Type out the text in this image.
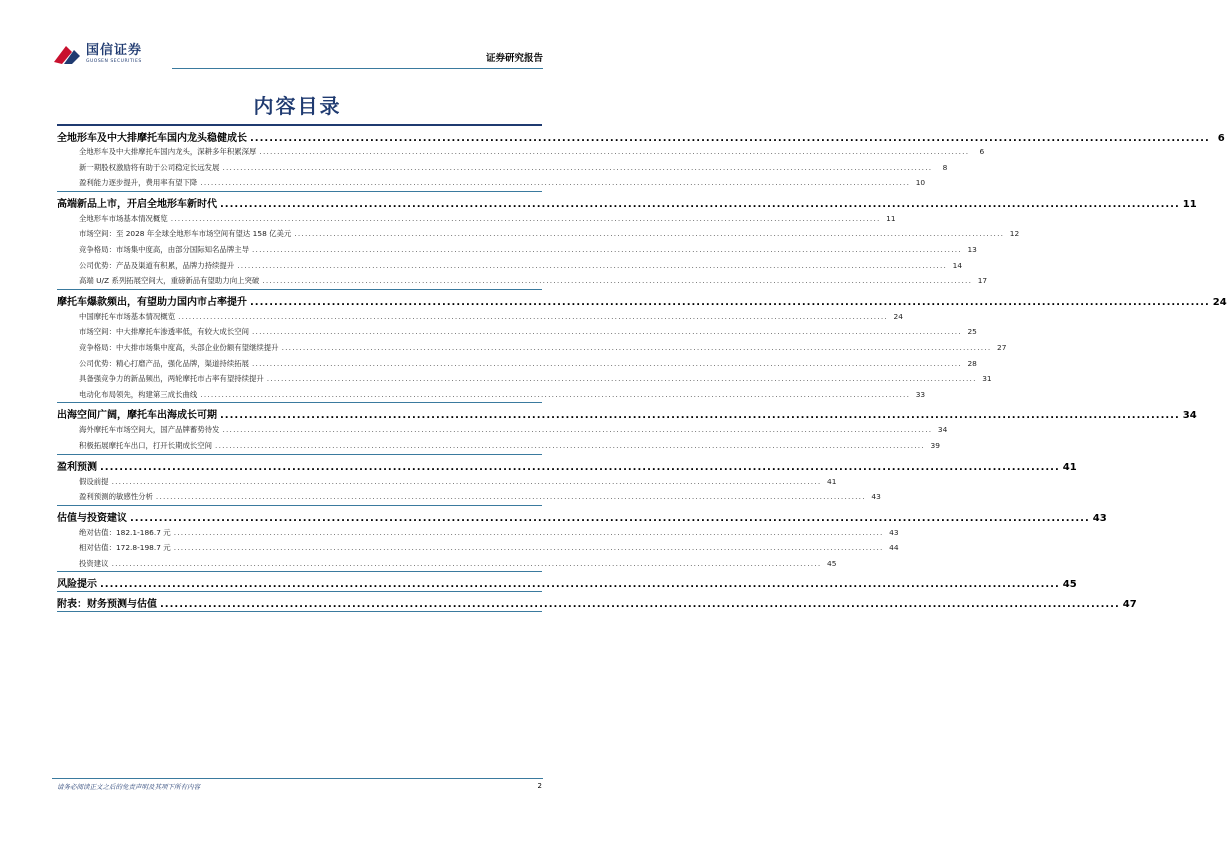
国信证券
GUOSEN SECURITIES	证券研究报告
内容目录
全地形车及中大排摩托车国内龙头稳健成长 ........................................................................................................................................................................................................ 6
全地形车及中大排摩托车国内龙头，深耕多年积累深厚 ........................................................................................................................................................................................................	6
新一期股权激励将有助于公司稳定长远发展 ........................................................................................................................................................................................................	8
盈利能力逐步提升，费用率有望下降 ........................................................................................................................................................................................................ 10
高端新品上市，开启全地形车新时代 ........................................................................................................................................................................................................ 11
全地形车市场基本情况概览 ........................................................................................................................................................................................................ 11
市场空间：至 2028 年全球全地形车市场空间有望达 158 亿美元 ........................................................................................................................................................................................................ 12
竞争格局：市场集中度高，由部分国际知名品牌主导 ........................................................................................................................................................................................................ 13
公司优势：产品及渠道有积累，品牌力持续提升 ........................................................................................................................................................................................................ 14
高端 U/Z 系列拓展空间大，重磅新品有望助力向上突破 ........................................................................................................................................................................................................ 17
摩托车爆款频出，有望助力国内市占率提升 ........................................................................................................................................................................................................ 24
中国摩托车市场基本情况概览 ........................................................................................................................................................................................................ 24
市场空间：中大排摩托车渗透率低，有较大成长空间 ........................................................................................................................................................................................................ 25
竞争格局：中大排市场集中度高，头部企业份额有望继续提升 ........................................................................................................................................................................................................ 27
公司优势：精心打磨产品，强化品牌，渠道持续拓展 ........................................................................................................................................................................................................ 28
具备强竞争力的新品频出，两轮摩托市占率有望持续提升 ........................................................................................................................................................................................................ 31
电动化布局领先，构建第三成长曲线 ........................................................................................................................................................................................................ 33
出海空间广阔，摩托车出海成长可期 ........................................................................................................................................................................................................ 34
海外摩托车市场空间大，国产品牌蓄势待发 ........................................................................................................................................................................................................ 34
积极拓展摩托车出口，打开长期成长空间 ........................................................................................................................................................................................................ 39
盈利预测 ........................................................................................................................................................................................................ 41
假设前提 ........................................................................................................................................................................................................ 41
盈利预测的敏感性分析 ........................................................................................................................................................................................................ 43
估值与投资建议 ........................................................................................................................................................................................................ 43
绝对估值：182.1-186.7 元 ........................................................................................................................................................................................................ 43
相对估值：172.8-198.7 元 ........................................................................................................................................................................................................ 44
投资建议 ........................................................................................................................................................................................................ 45
风险提示 ........................................................................................................................................................................................................ 45
附表：财务预测与估值 ........................................................................................................................................................................................................ 47
请务必阅读正文之后的免责声明及其项下所有内容	2
